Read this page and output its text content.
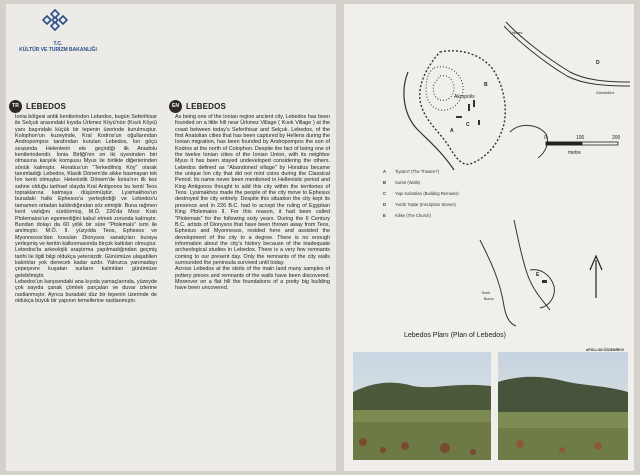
T.C.
KÜLTÜR VE TURİZM BAKANLIĞI
TR LEBEDOS	EN LEBEDOS
İonia bölgesi antik kentlerinden Lebedos, bugün Seferihisar ile Selçuk arasındaki kıyıda Ürkmez Köyü'nün (Kısık Köyü) yanı başındaki küçük bir tepenin üzerinde kurulmuştur. Kolophon'un kuzeyinde, Kral Kodros'un oğullarından Andropompos tarafından kurulan Lebedos, İon göçü sırasında Helenlerin ele geçirdiği ilk Anadolu kentlerindendir. İonia Birliği'nin on iki üyesinden biri olmasına karşılık komşusu Myus ile birlikte diğerlerinden sönük kalmıştır. Horatius'un "Terkedilmiş Köy" olarak tanımladığı Lebedos, Klasik Dönem'de sikke basmayan tek İon kenti olmuştur. Helenistik Dönem'de İonia'nın ilk kez sahne olduğu tarihsel olayda Kral Antigonos bu kenti Teos topraklarına katmaya düşünmüştür. Lysimakhos'un buradaki halkı Ephesos'a yerleştirdiği ve Lebedos'u tamamen ortadan kaldırdığından söz etmiştir. Buna rağmen kent varlığını sürdürmüş, M.Ö. 226'da Mısır Kralı Ptolemaios'un egemenliğini kabul etmek zorunda kalmıştır. Bundan dolayı da 60 yıllık bir süre "Ptolemais" ismi ile anılmıştır. M.Ö. II. yüzyılda Teos, Ephesos ve Myonnesos'dan kovulan Dionysos sanatçıları buraya yerleşmiş ve kentin kalkınmasında birçok katkıları olmuştur.
Lebedos'ta arkeolojik araştırma yapılmadığından geçmiş tarihi ile ilgili bilgi oldukça yetersizdir. Günümüze ulaşabilen kalıntılar yok denecek kadar azdır. Yalnızca yarımadayı çepeçevre kuşatan surların kalıntıları günümüze gelebilmiştir.
Lebedos'un karşısındaki ana kıyıda yamaçlarında, yüzeyde çok sayıda çanak çömlek parçaları ve duvar izlerine rastlanmıştır. Ayrıca buradaki düz bir tepenin üzerinde de oldukça büyük bir yapının temellerine rastlanmıştır.
As being one of the Ionian region ancient city, Lebedos has been founded on a little hill near Ürkmez Village ( Kısık Village ) at the coast between today's Seferihisar and Selçuk. Lebedos, of the first Anatolian cities that has been captured by Hellens during the Ionian migration, has been founded by Andropompos the son of Kodros at the north of Colophon. Despite the fact of being one of the twelve Ionian cities of the Ionian Union, with its neighbor Myus it has been stayed undeveloped considering the others. Lebedos defined as "Abandoned village" by Horatius became the unique Ion city that did not mint coins during the Classical Period. Its name never been mentioned in Hellenistic period and King Antigonos thought to add this city within the territories of Teos. Lysimakhos made the people of the city move to Ephesus destroyed the city entirely. Despite this situation the city kept its presence and in 226 B.C. had to accept the ruling of Egyptian King Ptolemaios II. For this reason, it had been called "Ptolemais" for the following sixty years. During the II Century B.C. artists of Dionysos that have been thrown away from Teos, Ephesus and Myonnesos, resided here and assisted the development of the city to a degree. There is no enough information about the city's history because of the inadequate archeological studies in Lebedos. There is a very few remnants coming to our present day. Only the remnants of the city walls surrounded the peninsula survived until today.
Across Lebedos at the skirts of the main land many samples of pottery pieces and remnants of the walls have been discovered. Moreover on a flat hill the foundations of a pretty big building have been uncovered.
Akropolis
C
A
B
D
Ürkmez
Gümüldür'e
0	100	200
metre
E
Kısık
Burnu
A Tiyatro? (The Theatre?)
B Surlar (Walls)
C Yapı Kalıntıları (Building Remains)
D Yazıtlı Taşlar (Inscription Stones)
E Kilise (The Church)
Lebedos Planı (Plan of Lebedos)
APOLLON ÖZDEMİROV
